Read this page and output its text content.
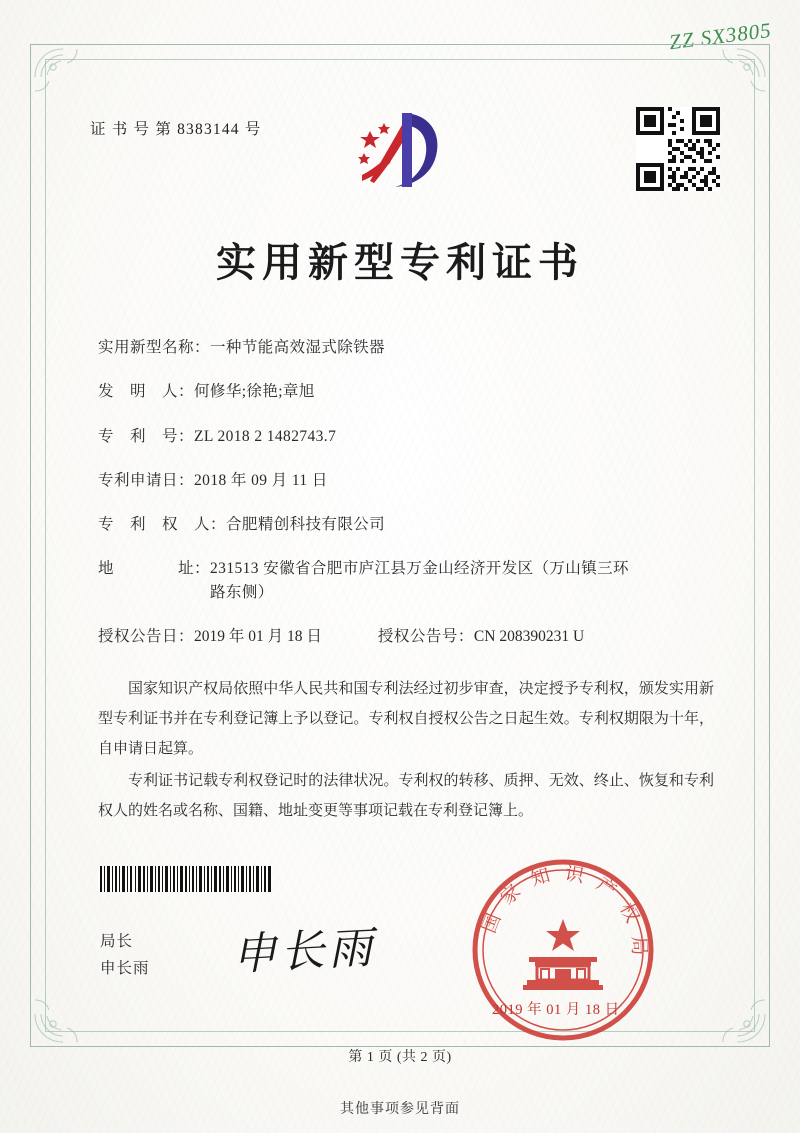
ZZ SX3805
证 书 号 第 8383144 号
实用新型专利证书
实用新型名称： 一种节能高效湿式除铁器
发　明　人： 何修华;徐艳;章旭
专　利　号： ZL 2018 2 1482743.7
专利申请日： 2018 年 09 月 11 日
专　利　权　人： 合肥精创科技有限公司
地　　　　址： 231513 安徽省合肥市庐江县万金山经济开发区（万山镇三环路东侧）
授权公告日： 2019 年 01 月 18 日	授权公告号： CN 208390231 U

国家知识产权局依照中华人民共和国专利法经过初步审查，决定授予专利权，颁发实用新型专利证书并在专利登记簿上予以登记。专利权自授权公告之日起生效。专利权期限为十年，自申请日起算。

专利证书记载专利权登记时的法律状况。专利权的转移、质押、无效、终止、恢复和专利权人的姓名或名称、国籍、地址变更等事项记载在专利登记簿上。

局长
申长雨 申长雨
国 家 知 识 产 权 局
2019 年 01 月 18 日
第 1 页 (共 2 页)
其他事项参见背面
